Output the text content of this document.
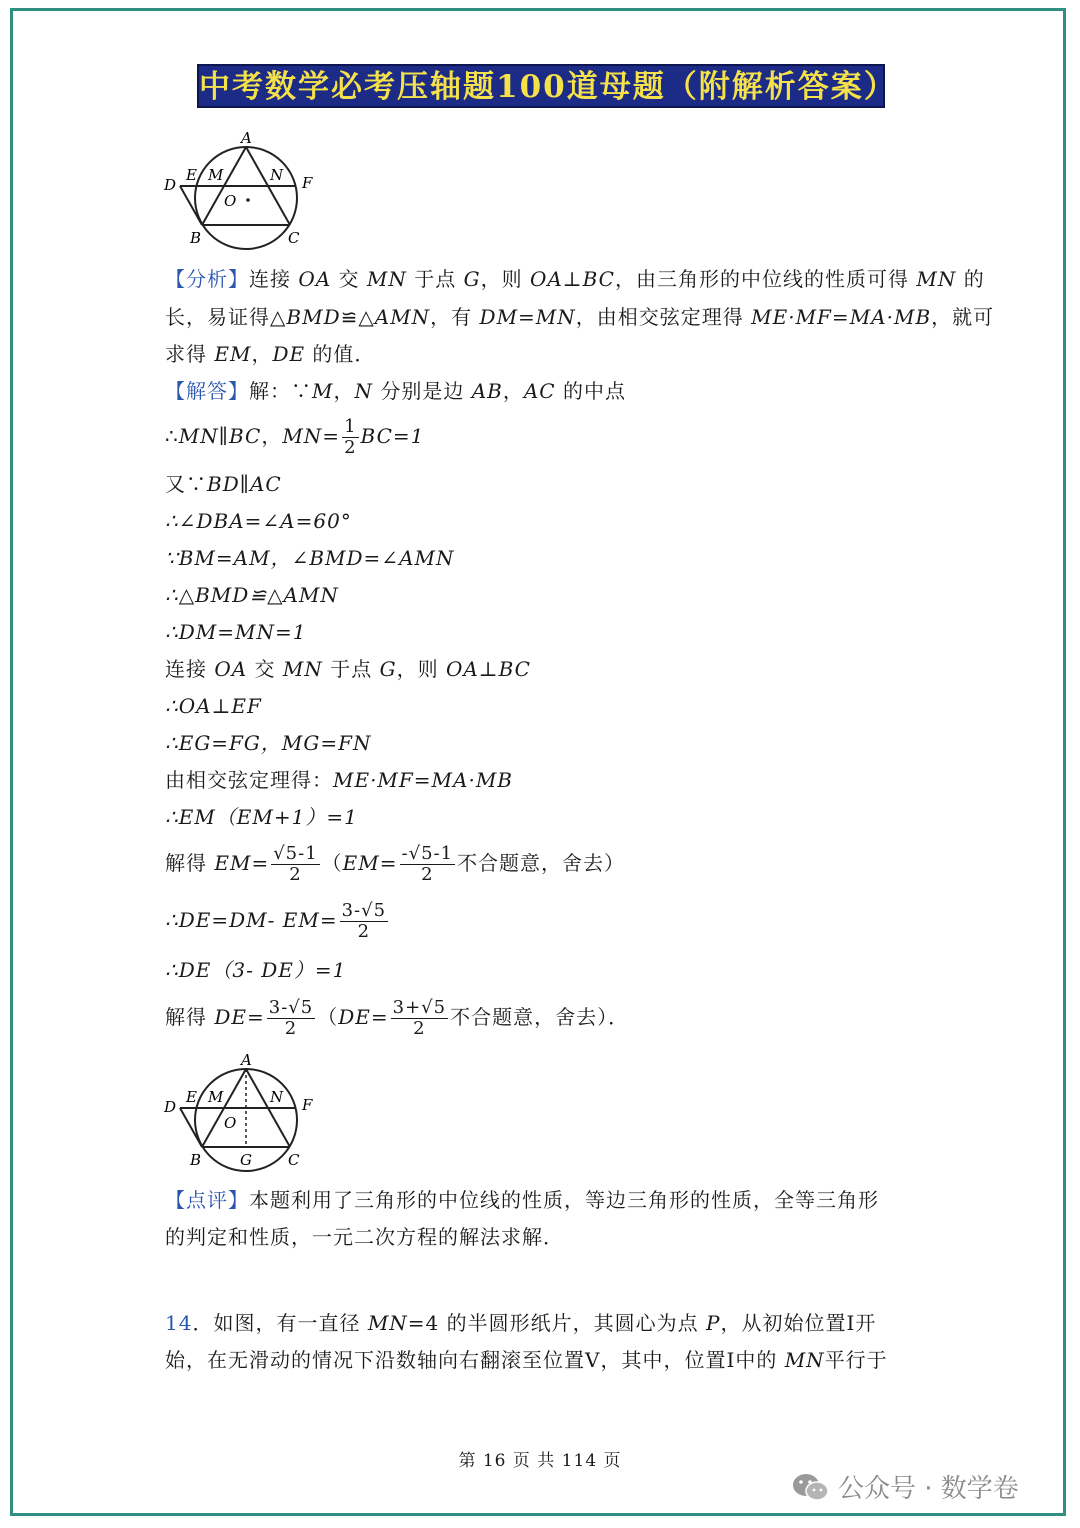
中考数学必考压轴题100道母题（附解析答案）
A
D
E M	N F
O
B	C
【分析】连接 OA 交 MN 于点 G，则 OA⊥BC，由三角形的中位线的性质可得 MN 的
长，易证得△BMD≌△AMN，有 DM=MN，由相交弦定理得 ME·MF=MA·MB，就可
求得 EM，DE 的值．
【解答】解：∵M，N 分别是边 AB，AC 的中点
∴MN∥BC，$MN= \frac{1}{2} BC=1$
又∵BD∥AC
∴∠DBA=∠A=60°
∵BM=AM，∠BMD=∠AMN
∴△BMD≌△AMN
∴DM=MN=1
连接 OA 交 MN 于点 G，则 OA⊥BC
∴OA⊥EF
∴EG=FG，MG=FN
由相交弦定理得：ME·MF=MA·MB
∴EM（EM+1）=1
解得 $EM= \frac{√5-1}{2} (EM= \frac{-√5-1}{2}$ 不合题意，舍去）
∴DE=DM- $EM= \frac{3-√5}{2}$
∴DE（3- DE）=1
解得 $DE= \frac{3-√5}{2} (DE= \frac{3+√5}{2}$ 不合题意，舍去）．
A
D
E M	N F
O
B	G C
【点评】本题利用了三角形的中位线的性质，等边三角形的性质，全等三角形
的判定和性质，一元二次方程的解法求解．
14．如图，有一直径 MN=4 的半圆形纸片，其圆心为点 P，从初始位置Ⅰ开
始，在无滑动的情况下沿数轴向右翻滚至位置Ⅴ，其中，位置Ⅰ中的 MN平行于
第 16 页 共 114 页
公众号 · 数学卷
